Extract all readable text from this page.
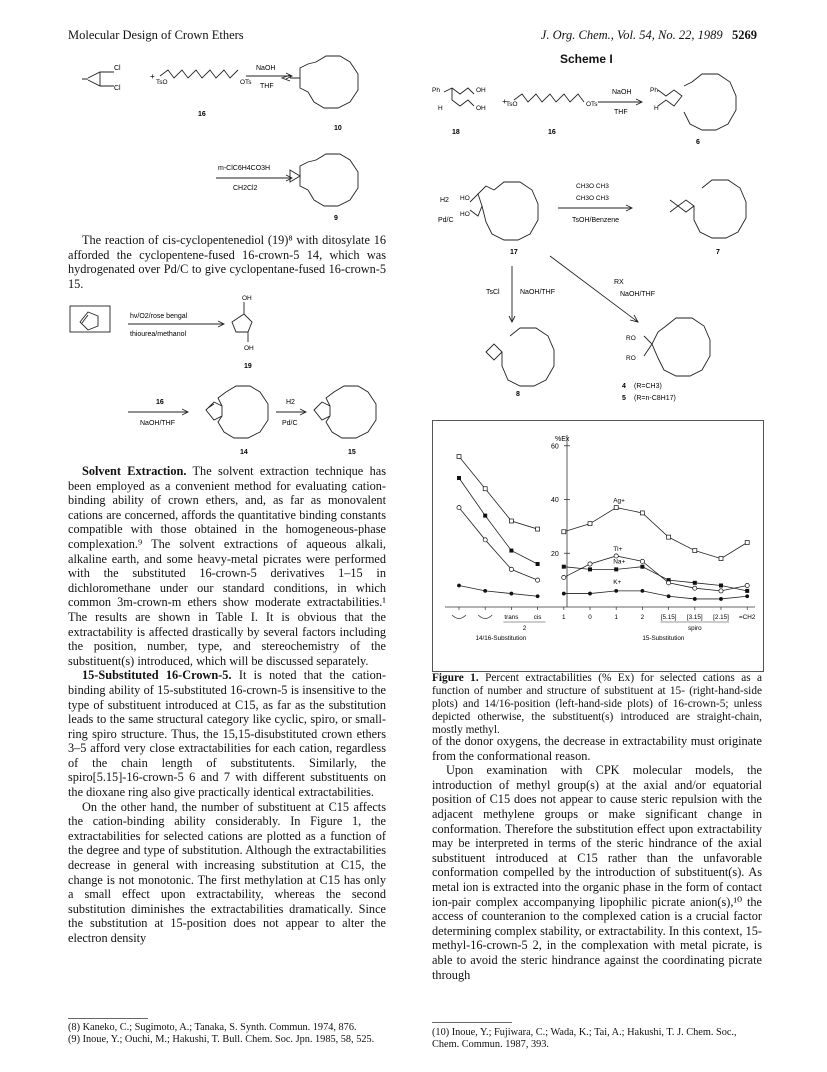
Molecular Design of Crown Ethers	J. Org. Chem., Vol. 54, No. 22, 1989 5269
Cl
Cl
+
TsO	OTs
NaOH
THF
16
10
m-ClC6H4CO3H
CH2Cl2
9

The reaction of cis-cyclopentenediol (19)⁸ with ditosylate 16 afforded the cyclopentene-fused 16-crown-5 14, which was hydrogenated over Pd/C to give cyclopentane-fused 16-crown-5 15.

hν/O2/rose bengal
thiourea/methanol
OH
OH
19
16
NaOH/THF
H2
Pd/C
14	15

Solvent Extraction. The solvent extraction technique has been employed as a convenient method for evaluating cation-binding ability of crown ethers, and, as far as monovalent cations are concerned, affords the quantitative binding constants compatible with those obtained in the homogeneous-phase complexation.⁹ The solvent extractions of aqueous alkali, alkaline earth, and some heavy-metal picrates were performed with the substituted 16-crown-5 derivatives 1–15 in dichloromethane under our standard conditions, in which common 3m-crown-m ethers show moderate extractabilities.¹ The results are shown in Table I. It is obvious that the extractability is affected drastically by several factors including the position, number, type, and stereochemistry of the substituent(s) introduced, which will be discussed separately.

15-Substituted 16-Crown-5. It is noted that the cation-binding ability of 15-substituted 16-crown-5 is insensitive to the type of substituent introduced at C15, as far as the substitution leads to the same structural category like cyclic, spiro, or small-ring spiro structure. Thus, the 15,15-disubstituted crown ethers 3–5 afford very close extractabilities for each cation, regardless of the chain length of substitutents. Similarly, the spiro[5.15]-16-crown-5 6 and 7 with different substituents on the dioxane ring also give practically identical extractabilities.

On the other hand, the number of substituent at C15 affects the cation-binding ability considerably. In Figure 1, the extractabilities for selected cations are plotted as a function of the degree and type of substitution. Although the extractabilities decrease in general with increasing substitution at C15, the change is not monotonic. The first methylation at C15 has only a small effect upon extractability, whereas the second substitution diminishes the extractabilities dramatically. Since the substitution at 15-position does not appear to alter the electron density

(8) Kaneko, C.; Sugimoto, A.; Tanaka, S. Synth. Commun. 1974, 876.
(9) Inoue, Y.; Ouchi, M.; Hakushi, T. Bull. Chem. Soc. Jpn. 1985, 58, 525.
Scheme I
Ph
H
OH
OH
+ TsO	OTs
18	16
NaOH
THF
Ph
H
6
H2
Pd/C
HO
HO
17
CH3O CH3
CH3O CH3
TsOH/Benzene
7
TsCl	NaOH/THF
RX
NaOH/THF
RO
RO
8
4 (R=CH3)
5 (R=n-C8H17)
%Ex
20
40
60
trans cis	1	0	1	2	[5.15] [3.15] [2.15] =CH2
2	spiro
14/16-Substitution	15-Substitution
Ag+
Tl+
Na+
K+
Figure 1. Percent extractabilities (% Ex) for selected cations as a function of number and structure of substituent at 15- (right-hand-side plots) and 14/16-position (left-hand-side plots) of 16-crown-5; unless depicted otherwise, the substituent(s) introduced are straight-chain, mostly methyl.

of the donor oxygens, the decrease in extractability must originate from the conformational reason.

Upon examination with CPK molecular models, the introduction of methyl group(s) at the axial and/or equatorial position of C15 does not appear to cause steric repulsion with the adjacent methylene groups or make significant change in conformation. Therefore the substitution effect upon extractability may be interpreted in terms of the steric hindrance of the axial substituent introduced at C15 rather than the unfavorable conformation compelled by the introduction of substituent(s). As metal ion is extracted into the organic phase in the form of contact ion-pair complex accompanying lipophilic picrate anion(s),¹⁰ the access of counteranion to the complexed cation is a crucial factor determining complex stability, or extractability. In this context, 15-methyl-16-crown-5 2, in the complexation with metal picrate, is able to avoid the steric hindrance against the coordinating picrate through

(10) Inoue, Y.; Fujiwara, C.; Wada, K.; Tai, A.; Hakushi, T. J. Chem. Soc., Chem. Commun. 1987, 393.
